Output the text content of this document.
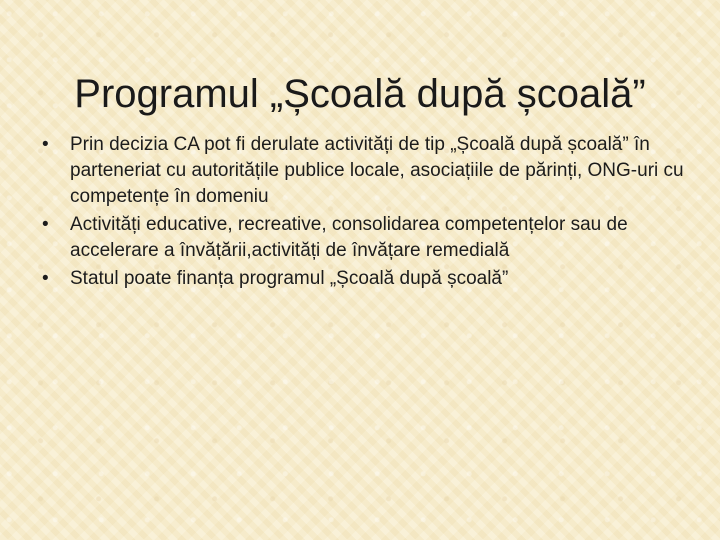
Programul „Școală după școală”
• Prin decizia CA pot fi derulate activități de tip „Școală după școală” în parteneriat cu autoritățile publice locale, asociațiile de părinți, ONG-uri cu competențe în domeniu
• Activități educative, recreative, consolidarea competențelor sau de accelerare a învățării,activități de învățare remedială
• Statul poate finanța programul „Școală după școală”
